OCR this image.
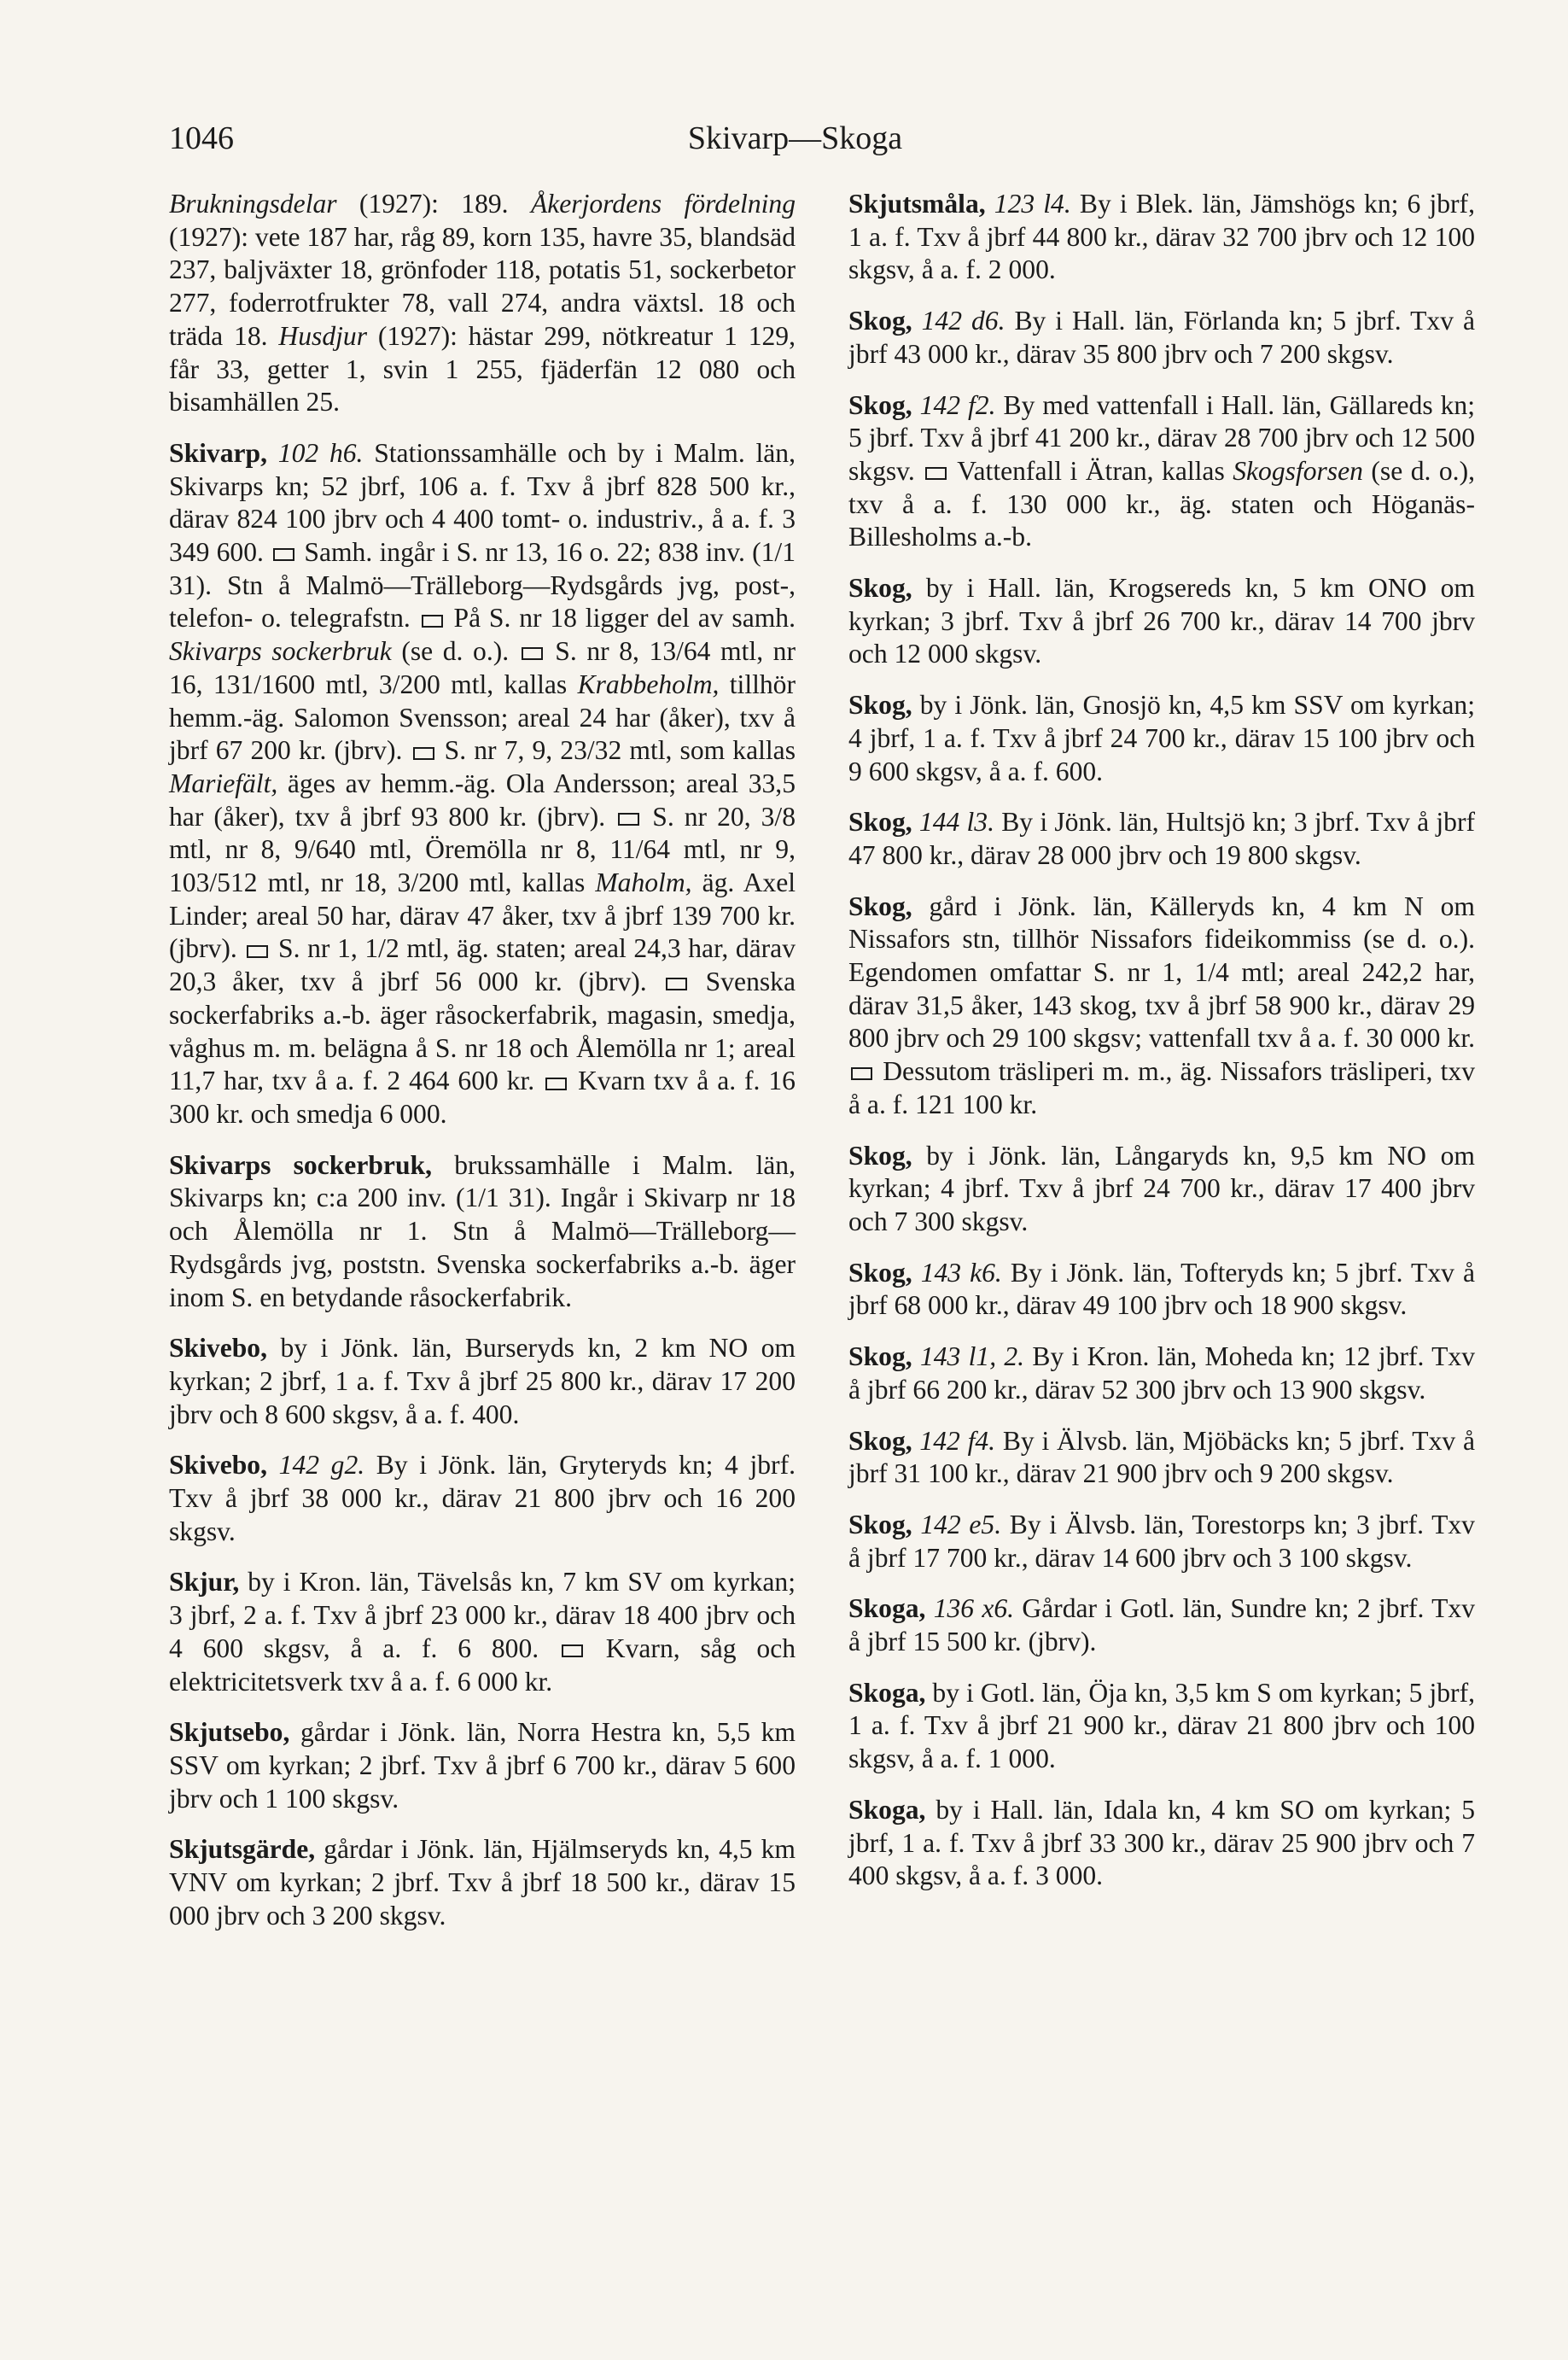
1046	Skivarp—Skoga

Brukningsdelar (1927): 189. Åkerjordens fördelning (1927): vete 187 har, råg 89, korn 135, havre 35, blandsäd 237, baljväxter 18, grönfoder 118, potatis 51, sockerbetor 277, foderrotfrukter 78, vall 274, andra växtsl. 18 och träda 18. Husdjur (1927): hästar 299, nötkreatur 1 129, får 33, getter 1, svin 1 255, fjäderfän 12 080 och bisamhällen 25.

Skivarp, 102 h6. Stationssamhälle och by i Malm. län, Skivarps kn; 52 jbrf, 106 a. f. Txv å jbrf 828 500 kr., därav 824 100 jbrv och 4 400 tomt- o. industriv., å a. f. 3 349 600.  Samh. ingår i S. nr 13, 16 o. 22; 838 inv. (1/1 31). Stn å Malmö—Trälleborg—Rydsgårds jvg, post-, telefon- o. telegrafstn.  På S. nr 18 ligger del av samh. Skivarps sockerbruk (se d. o.).  S. nr 8, 13/64 mtl, nr 16, 131/1600 mtl, 3/200 mtl, kallas Krabbeholm, tillhör hemm.-äg. Salomon Svensson; areal 24 har (åker), txv å jbrf 67 200 kr. (jbrv).  S. nr 7, 9, 23/32 mtl, som kallas Mariefält, äges av hemm.-äg. Ola Andersson; areal 33,5 har (åker), txv å jbrf 93 800 kr. (jbrv).  S. nr 20, 3/8 mtl, nr 8, 9/640 mtl, Öremölla nr 8, 11/64 mtl, nr 9, 103/512 mtl, nr 18, 3/200 mtl, kallas Maholm, äg. Axel Linder; areal 50 har, därav 47 åker, txv å jbrf 139 700 kr. (jbrv).  S. nr 1, 1/2 mtl, äg. staten; areal 24,3 har, därav 20,3 åker, txv å jbrf 56 000 kr. (jbrv).  Svenska sockerfabriks a.-b. äger råsockerfabrik, magasin, smedja, våghus m. m. belägna å S. nr 18 och Ålemölla nr 1; areal 11,7 har, txv å a. f. 2 464 600 kr.  Kvarn txv å a. f. 16 300 kr. och smedja 6 000.

Skivarps sockerbruk, brukssamhälle i Malm. län, Skivarps kn; c:a 200 inv. (1/1 31). Ingår i Skivarp nr 18 och Ålemölla nr 1. Stn å Malmö—Trälleborg—Rydsgårds jvg, poststn. Svenska sockerfabriks a.-b. äger inom S. en betydande råsockerfabrik.

Skivebo, by i Jönk. län, Burseryds kn, 2 km NO om kyrkan; 2 jbrf, 1 a. f. Txv å jbrf 25 800 kr., därav 17 200 jbrv och 8 600 skgsv, å a. f. 400.

Skivebo, 142 g2. By i Jönk. län, Gryteryds kn; 4 jbrf. Txv å jbrf 38 000 kr., därav 21 800 jbrv och 16 200 skgsv.

Skjur, by i Kron. län, Tävelsås kn, 7 km SV om kyrkan; 3 jbrf, 2 a. f. Txv å jbrf 23 000 kr., därav 18 400 jbrv och 4 600 skgsv, å a. f. 6 800.  Kvarn, såg och elektricitetsverk txv å a. f. 6 000 kr.

Skjutsebo, gårdar i Jönk. län, Norra Hestra kn, 5,5 km SSV om kyrkan; 2 jbrf. Txv å jbrf 6 700 kr., därav 5 600 jbrv och 1 100 skgsv.

Skjutsgärde, gårdar i Jönk. län, Hjälmseryds kn, 4,5 km VNV om kyrkan; 2 jbrf. Txv å jbrf 18 500 kr., därav 15 000 jbrv och 3 200 skgsv.

Skjutsmåla, 123 l4. By i Blek. län, Jämshögs kn; 6 jbrf, 1 a. f. Txv å jbrf 44 800 kr., därav 32 700 jbrv och 12 100 skgsv, å a. f. 2 000.

Skog, 142 d6. By i Hall. län, Förlanda kn; 5 jbrf. Txv å jbrf 43 000 kr., därav 35 800 jbrv och 7 200 skgsv.

Skog, 142 f2. By med vattenfall i Hall. län, Gällareds kn; 5 jbrf. Txv å jbrf 41 200 kr., därav 28 700 jbrv och 12 500 skgsv.  Vattenfall i Ätran, kallas Skogsforsen (se d. o.), txv å a. f. 130 000 kr., äg. staten och Höganäs-Billesholms a.-b.

Skog, by i Hall. län, Krogsereds kn, 5 km ONO om kyrkan; 3 jbrf. Txv å jbrf 26 700 kr., därav 14 700 jbrv och 12 000 skgsv.

Skog, by i Jönk. län, Gnosjö kn, 4,5 km SSV om kyrkan; 4 jbrf, 1 a. f. Txv å jbrf 24 700 kr., därav 15 100 jbrv och 9 600 skgsv, å a. f. 600.

Skog, 144 l3. By i Jönk. län, Hultsjö kn; 3 jbrf. Txv å jbrf 47 800 kr., därav 28 000 jbrv och 19 800 skgsv.

Skog, gård i Jönk. län, Källeryds kn, 4 km N om Nissafors stn, tillhör Nissafors fideikommiss (se d. o.). Egendomen omfattar S. nr 1, 1/4 mtl; areal 242,2 har, därav 31,5 åker, 143 skog, txv å jbrf 58 900 kr., därav 29 800 jbrv och 29 100 skgsv; vattenfall txv å a. f. 30 000 kr.  Dessutom träsliperi m. m., äg. Nissafors träsliperi, txv å a. f. 121 100 kr.

Skog, by i Jönk. län, Långaryds kn, 9,5 km NO om kyrkan; 4 jbrf. Txv å jbrf 24 700 kr., därav 17 400 jbrv och 7 300 skgsv.

Skog, 143 k6. By i Jönk. län, Tofteryds kn; 5 jbrf. Txv å jbrf 68 000 kr., därav 49 100 jbrv och 18 900 skgsv.

Skog, 143 l1, 2. By i Kron. län, Moheda kn; 12 jbrf. Txv å jbrf 66 200 kr., därav 52 300 jbrv och 13 900 skgsv.

Skog, 142 f4. By i Älvsb. län, Mjöbäcks kn; 5 jbrf. Txv å jbrf 31 100 kr., därav 21 900 jbrv och 9 200 skgsv.

Skog, 142 e5. By i Älvsb. län, Torestorps kn; 3 jbrf. Txv å jbrf 17 700 kr., därav 14 600 jbrv och 3 100 skgsv.

Skoga, 136 x6. Gårdar i Gotl. län, Sundre kn; 2 jbrf. Txv å jbrf 15 500 kr. (jbrv).

Skoga, by i Gotl. län, Öja kn, 3,5 km S om kyrkan; 5 jbrf, 1 a. f. Txv å jbrf 21 900 kr., därav 21 800 jbrv och 100 skgsv, å a. f. 1 000.

Skoga, by i Hall. län, Idala kn, 4 km SO om kyrkan; 5 jbrf, 1 a. f. Txv å jbrf 33 300 kr., därav 25 900 jbrv och 7 400 skgsv, å a. f. 3 000.
